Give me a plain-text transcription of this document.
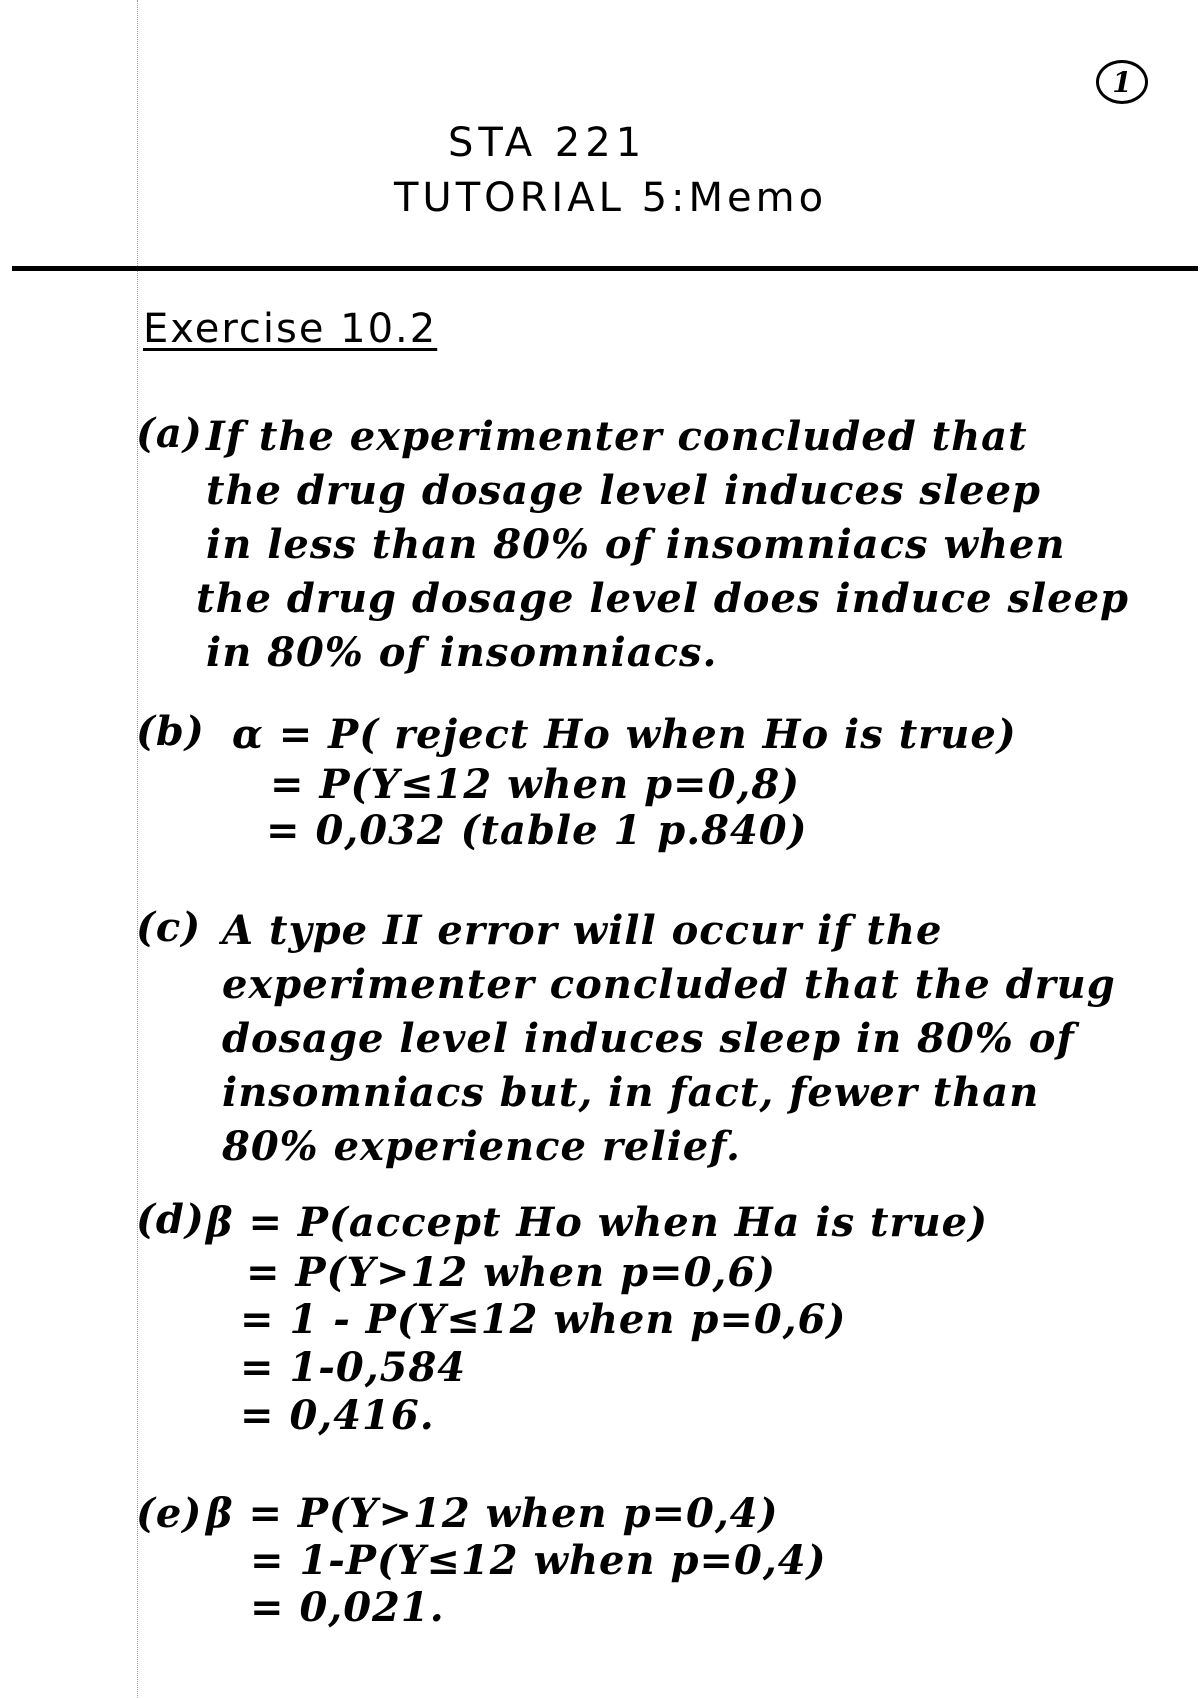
1
STA 221
TUTORIAL 5:Memo
Exercise 10.2
(a) If the experimenter concluded that
the drug dosage level induces sleep
in less than 80% of insomniacs when
the drug dosage level does induce sleep
in 80% of insomniacs.
(b) α = P( reject Ho when Ho is true)
= P(Y≤12 when p=0,8)
= 0,032 (table 1 p.840)
(c) A type II error will occur if the
experimenter concluded that the drug
dosage level induces sleep in 80% of
insomniacs but, in fact, fewer than
80% experience relief.
(d) β = P(accept Ho when Ha is true)
= P(Y>12 when p=0,6)
= 1 - P(Y≤12 when p=0,6)
= 1-0,584
= 0,416.
(e) β = P(Y>12 when p=0,4)
= 1-P(Y≤12 when p=0,4)
= 0,021.
